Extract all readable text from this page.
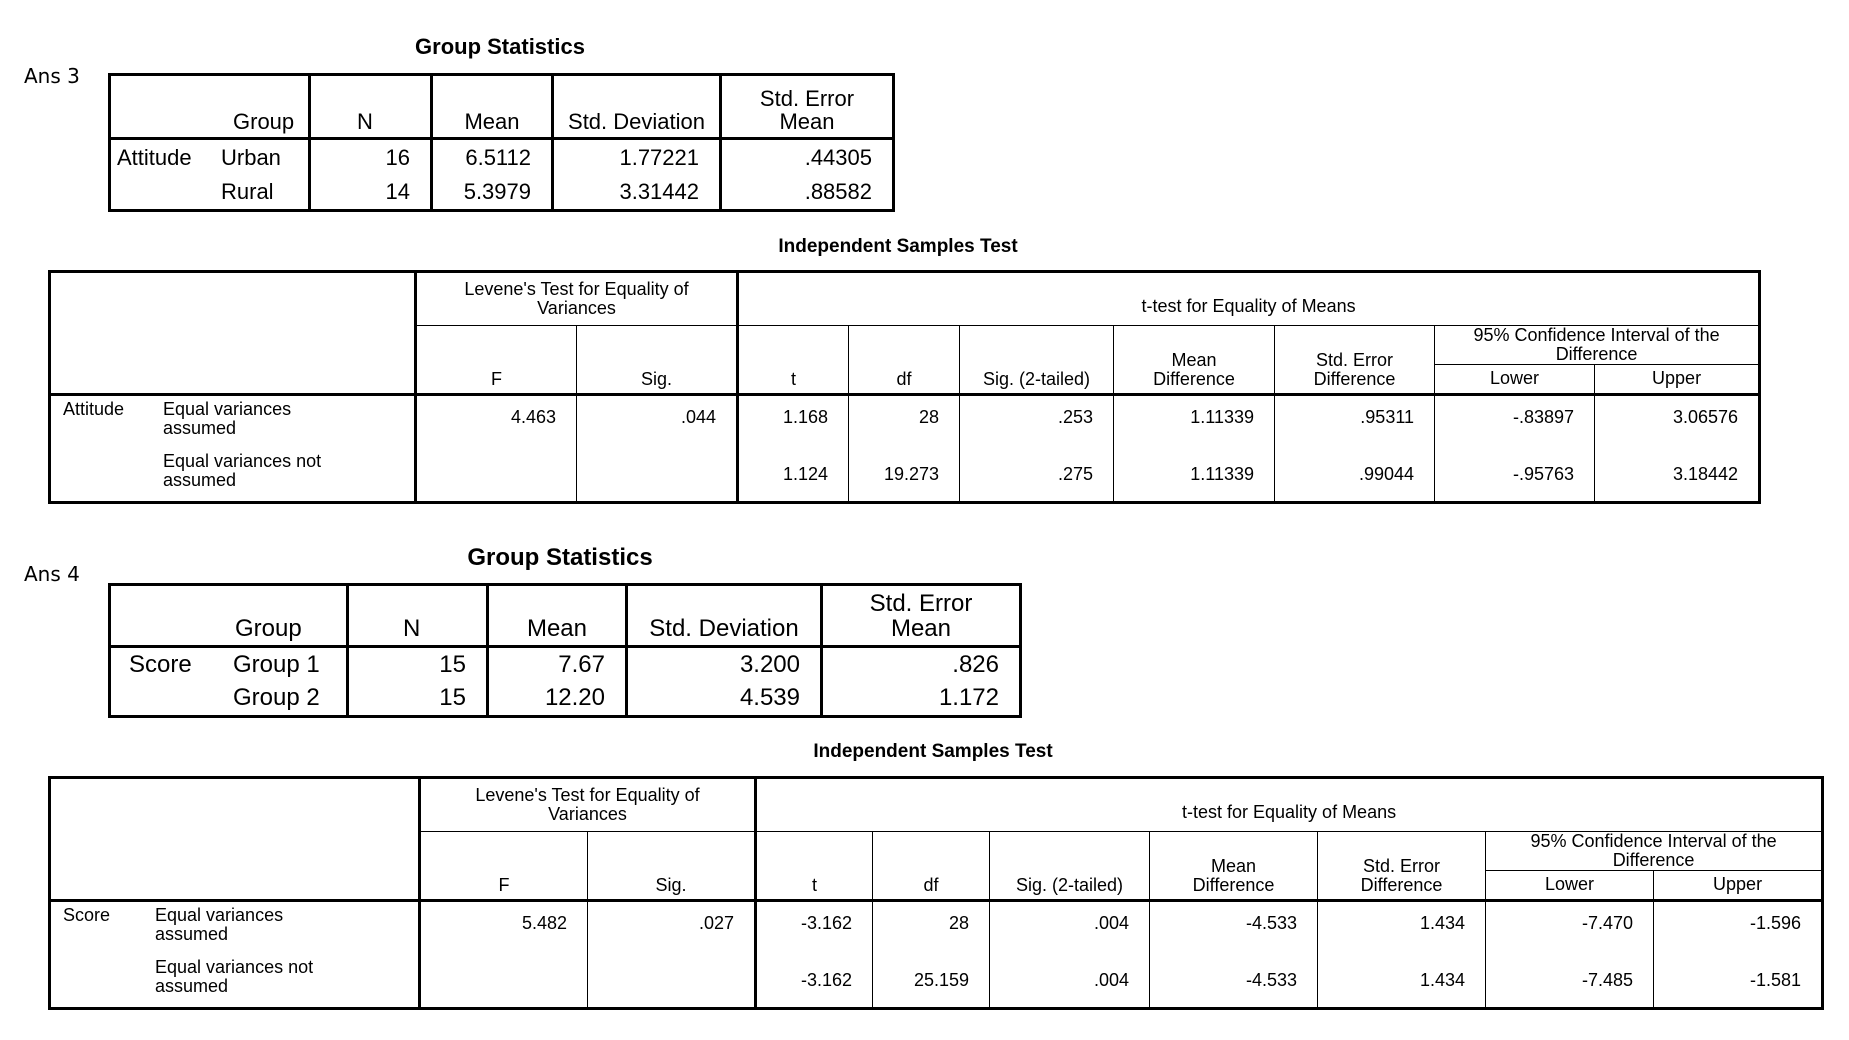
Ans 3
Group Statistics
Group	N	Mean	Std. Deviation	Std. Error Mean
Attitude Urban	16	6.5112	1.77221	.44305
Rural	14	5.3979	3.31442	.88582
Independent Samples Test
	Levene's Test for Equality of Variances		t-test for Equality of Means						
	F	Sig.	t	df	Sig. (2-tailed)	Mean Difference	Std. Error Difference	95% Confidence Interval of the Difference	
								Lower	Upper

Attitude Equal variances assumed	4.463	.044	1.168	28	.253	1.11339	.95311	-.83897	3.06576

Equal variances not assumed			1.124	19.273	.275	1.11339	.99044	-.95763	3.18442
Ans 4
Group Statistics
Group	N	Mean	Std. Deviation	Std. Error Mean
Score Group 1	15	7.67	3.200	.826
Group 2	15	12.20	4.539	1.172
Independent Samples Test
	Levene's Test for Equality of Variances		t-test for Equality of Means						
	F	Sig.	t	df	Sig. (2-tailed)	Mean Difference	Std. Error Difference	95% Confidence Interval of the Difference	
								Lower	Upper

Score Equal variances assumed	5.482	.027	-3.162	28	.004	-4.533	1.434	-7.470	-1.596

Equal variances not assumed			-3.162	25.159	.004	-4.533	1.434	-7.485	-1.581
